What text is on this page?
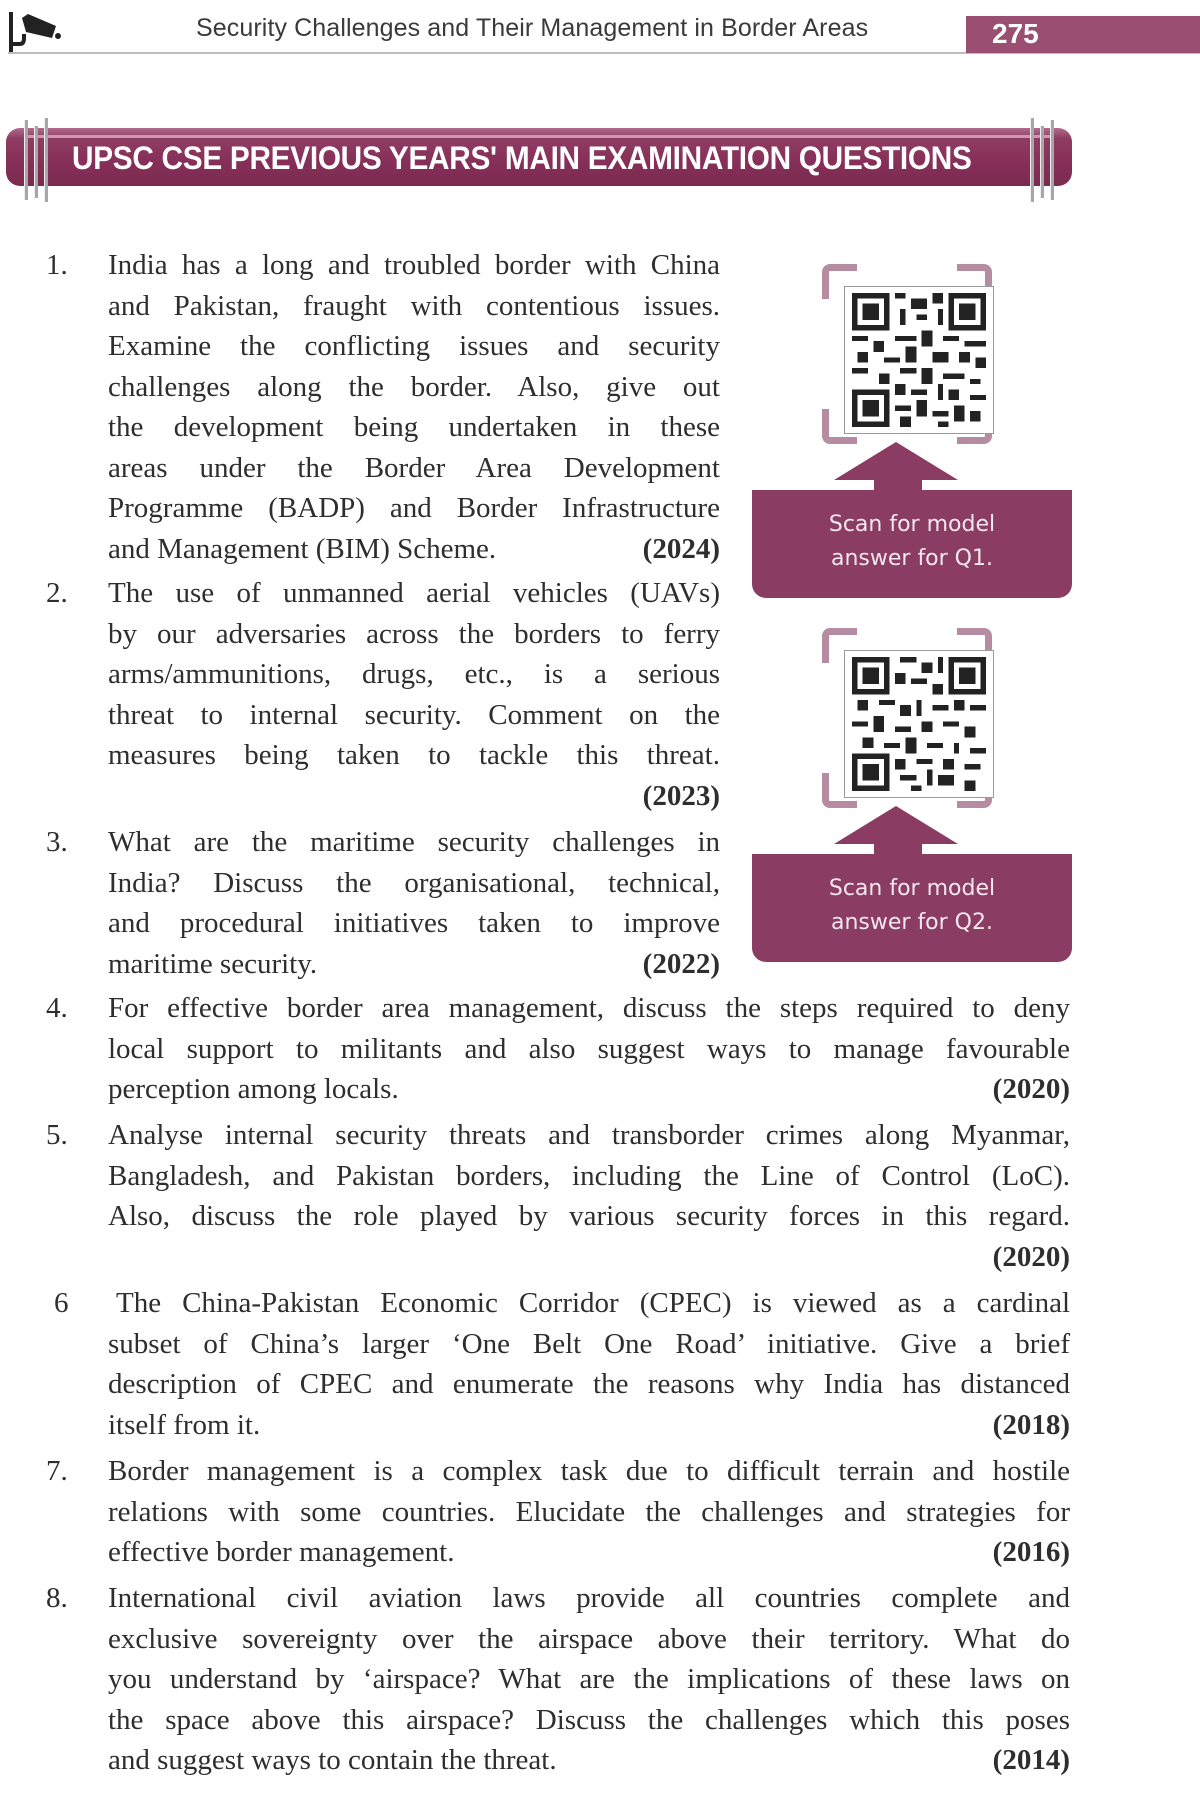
Security Challenges and Their Management in Border Areas	275
UPSC CSE PREVIOUS YEARS' MAIN EXAMINATION QUESTIONS
Scan for model
answer for Q1.
Scan for model
answer for Q2.
1. India has a long and troubled border with China
and Pakistan, fraught with contentious issues.
Examine the conflicting issues and security
challenges along the border. Also, give out
the development being undertaken in these
areas under the Border Area Development
Programme (BADP) and Border Infrastructure
(2024)
and Management (BIM) Scheme.
2. The use of unmanned aerial vehicles (UAVs)
by our adversaries across the borders to ferry
arms/ammunitions, drugs, etc., is a serious
threat to internal security. Comment on the
measures being taken to tackle this threat.
(2023)
3. What are the maritime security challenges in
India? Discuss the organisational, technical,
and procedural initiatives taken to improve
(2022)
maritime security.
4. For effective border area management, discuss the steps required to deny
local support to militants and also suggest ways to manage favourable
(2020)
perception among locals.
5. Analyse internal security threats and transborder crimes along Myanmar,
Bangladesh, and Pakistan borders, including the Line of Control (LoC).
Also, discuss the role played by various security forces in this regard.
(2020)
6 The China-Pakistan Economic Corridor (CPEC) is viewed as a cardinal
subset of China’s larger ‘One Belt One Road’ initiative. Give a brief
description of CPEC and enumerate the reasons why India has distanced
(2018)
itself from it.
7. Border management is a complex task due to difficult terrain and hostile
relations with some countries. Elucidate the challenges and strategies for
(2016)
effective border management.
8. International civil aviation laws provide all countries complete and
exclusive sovereignty over the airspace above their territory. What do
you understand by ‘airspace? What are the implications of these laws on
the space above this airspace? Discuss the challenges which this poses
(2014)
and suggest ways to contain the threat.
